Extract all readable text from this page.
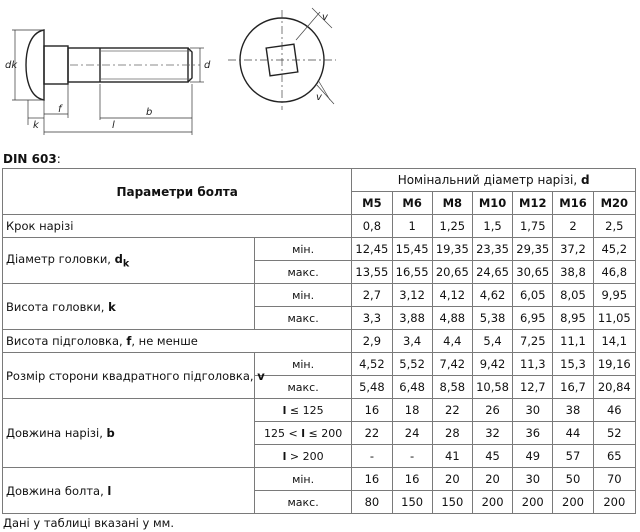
dk
k
f	b
l
d
v
v
DIN 603:
Параметри болта		Номінальний діаметр нарізі, d						
		M5	M6	M8	M10	M12	M16	M20
Крок нарізі		0,8	1	1,25	1,5	1,75	2	2,5
Діаметр головки, $d_k$	мін.	12,45	15,45	19,35	23,35	29,35	37,2	45,2
	макс.	13,55	16,55	20,65	24,65	30,65	38,8	46,8
Висота головки, k	мін.	2,7	3,12	4,12	4,62	6,05	8,05	9,95
	макс.	3,3	3,88	4,88	5,38	6,95	8,95	11,05
Висота підголовка, f, не менше		2,9	3,4	4,4	5,4	7,25	11,1	14,1
Розмір сторони квадратного підголовка, v	мін.	4,52	5,52	7,42	9,42	11,3	15,3	19,16
	макс.	5,48	6,48	8,58	10,58	12,7	16,7	20,84
Довжина нарізі, b	l ≤ 125	16	18	22	26	30	38	46
	125 < l ≤ 200	22	24	28	32	36	44	52
	l > 200	-	-	41	45	49	57	65
Довжина болта, l	мін.	16	16	20	20	30	50	70
	макс.	80	150	150	200	200	200	200
Дані у таблиці вказані у мм.
